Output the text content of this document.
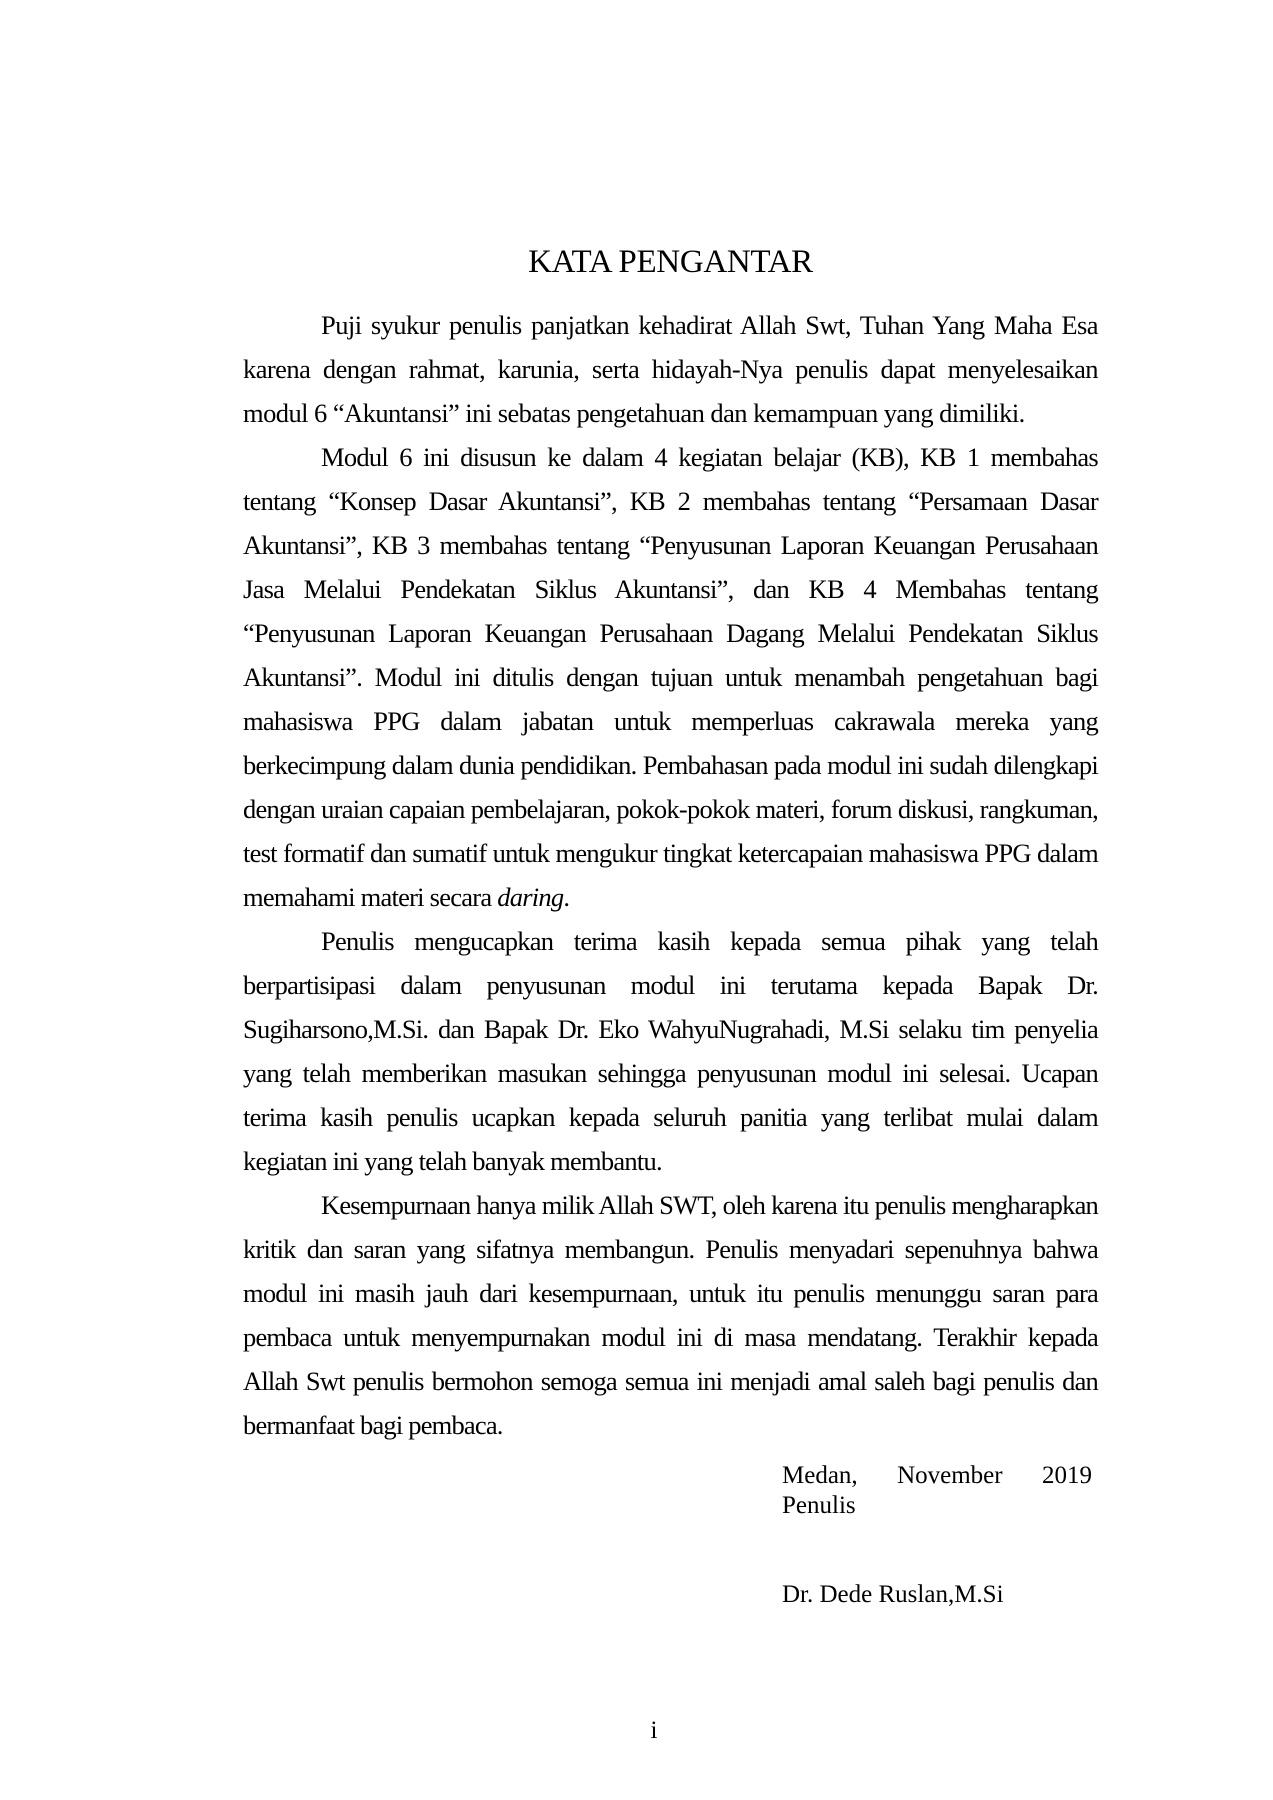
KATA PENGANTAR

Puji syukur penulis panjatkan kehadirat Allah Swt, Tuhan Yang Maha Esa karena dengan rahmat, karunia, serta hidayah-Nya penulis dapat menyelesaikan modul 6 “Akuntansi” ini sebatas pengetahuan dan kemampuan yang dimiliki.

Modul 6 ini disusun ke dalam 4 kegiatan belajar (KB), KB 1 membahas tentang “Konsep Dasar Akuntansi”, KB 2 membahas tentang “Persamaan Dasar Akuntansi”, KB 3 membahas tentang “Penyusunan Laporan Keuangan Perusahaan Jasa Melalui Pendekatan Siklus Akuntansi”, dan KB 4 Membahas tentang “Penyusunan Laporan Keuangan Perusahaan Dagang Melalui Pendekatan Siklus Akuntansi”. Modul ini ditulis dengan tujuan untuk menambah pengetahuan bagi mahasiswa PPG dalam jabatan untuk memperluas cakrawala mereka yang berkecimpung dalam dunia pendidikan. Pembahasan pada modul ini sudah dilengkapi dengan uraian capaian pembelajaran, pokok-pokok materi, forum diskusi, rangkuman, test formatif dan sumatif untuk mengukur tingkat ketercapaian mahasiswa PPG dalam memahami materi secara daring.

Penulis mengucapkan terima kasih kepada semua pihak yang telah berpartisipasi dalam penyusunan modul ini terutama kepada Bapak Dr. Sugiharsono,M.Si. dan Bapak Dr. Eko WahyuNugrahadi, M.Si selaku tim penyelia yang telah memberikan masukan sehingga penyusunan modul ini selesai. Ucapan terima kasih penulis ucapkan kepada seluruh panitia yang terlibat mulai dalam kegiatan ini yang telah banyak membantu.

Kesempurnaan hanya milik Allah SWT, oleh karena itu penulis mengharapkan kritik dan saran yang sifatnya membangun. Penulis menyadari sepenuhnya bahwa modul ini masih jauh dari kesempurnaan, untuk itu penulis menunggu saran para pembaca untuk menyempurnakan modul ini di masa mendatang. Terakhir kepada Allah Swt penulis bermohon semoga semua ini menjadi amal saleh bagi penulis dan bermanfaat bagi pembaca.

Medan, November 2019
Penulis
Dr. Dede Ruslan,M.Si
i
